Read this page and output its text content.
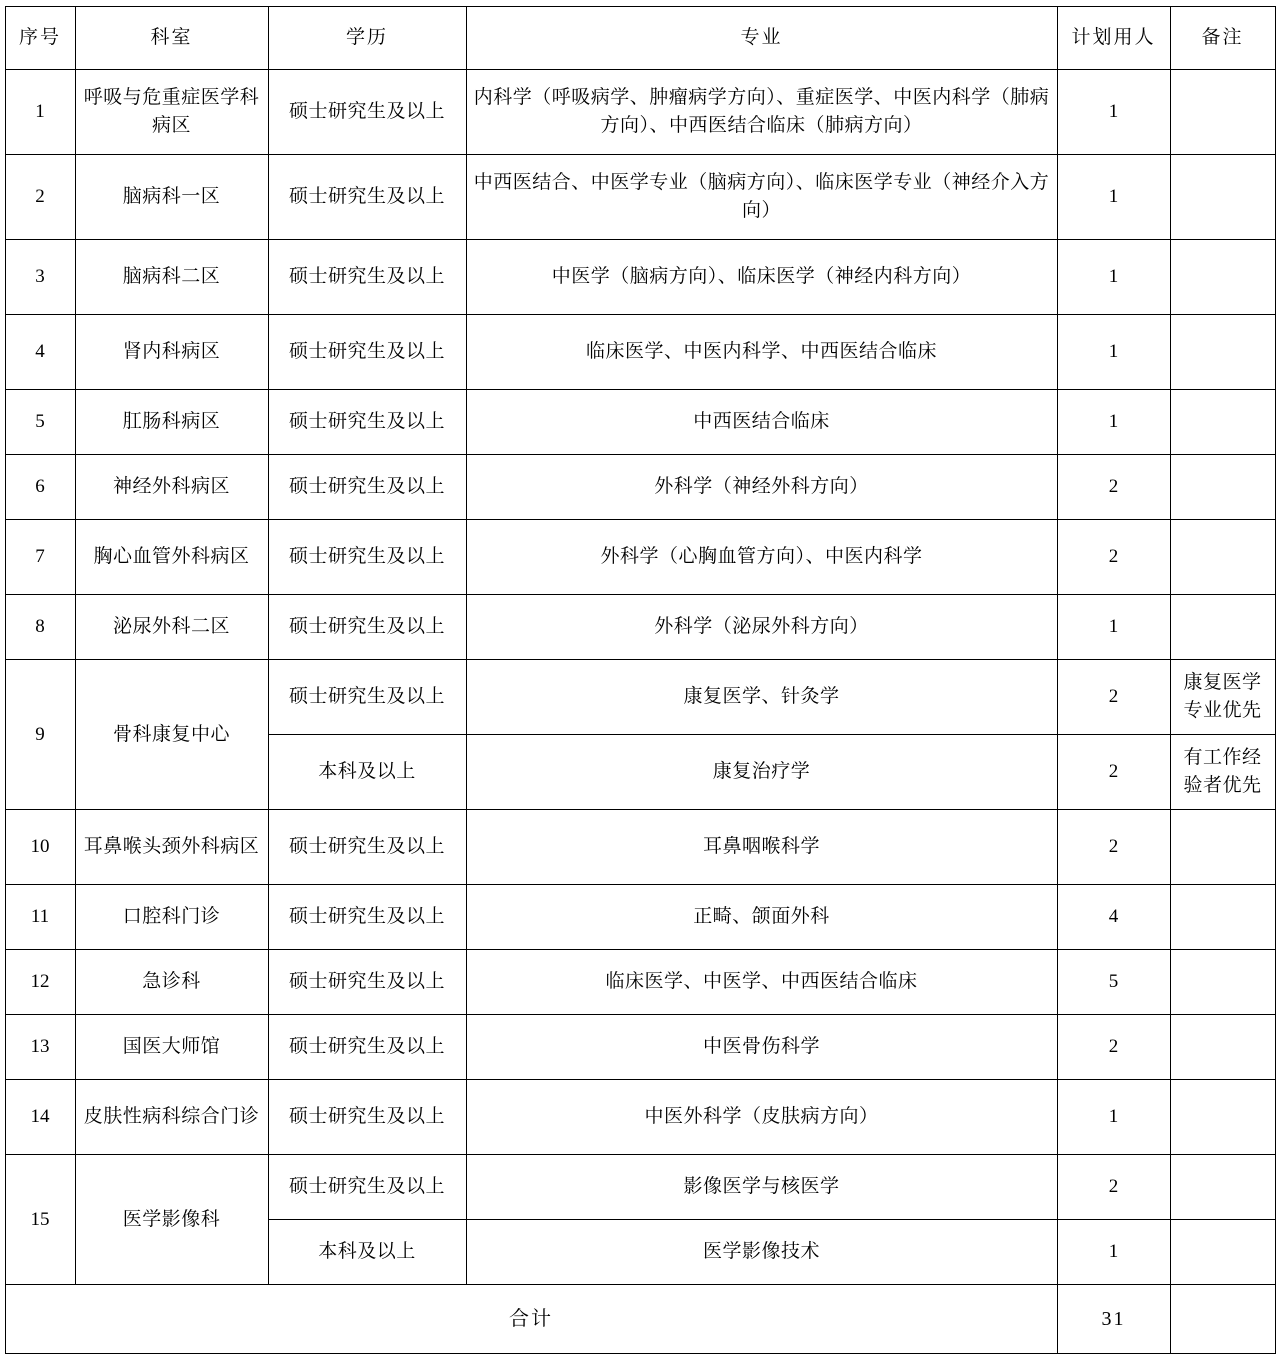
序号	科室	学历	专业	计划用人	备注
1	呼吸与危重症医学科病区	硕士研究生及以上	内科学（呼吸病学、肿瘤病学方向）、重症医学、中医内科学（肺病方向）、中西医结合临床（肺病方向）	1	
2	脑病科一区	硕士研究生及以上	中西医结合、中医学专业（脑病方向）、临床医学专业（神经介入方向）	1	
3	脑病科二区	硕士研究生及以上	中医学（脑病方向）、临床医学（神经内科方向）	1	
4	肾内科病区	硕士研究生及以上	临床医学、中医内科学、中西医结合临床	1	
5	肛肠科病区	硕士研究生及以上	中西医结合临床	1	
6	神经外科病区	硕士研究生及以上	外科学（神经外科方向）	2	
7	胸心血管外科病区	硕士研究生及以上	外科学（心胸血管方向）、中医内科学	2	
8	泌尿外科二区	硕士研究生及以上	外科学（泌尿外科方向）	1	
9	骨科康复中心	硕士研究生及以上	康复医学、针灸学	2	康复医学专业优先
		本科及以上	康复治疗学	2	有工作经验者优先
10	耳鼻喉头颈外科病区	硕士研究生及以上	耳鼻咽喉科学	2	
11	口腔科门诊	硕士研究生及以上	正畸、颌面外科	4	
12	急诊科	硕士研究生及以上	临床医学、中医学、中西医结合临床	5	
13	国医大师馆	硕士研究生及以上	中医骨伤科学	2	
14	皮肤性病科综合门诊	硕士研究生及以上	中医外科学（皮肤病方向）	1	
15	医学影像科	硕士研究生及以上	影像医学与核医学	2	
		本科及以上	医学影像技术	1	
合计				31	
